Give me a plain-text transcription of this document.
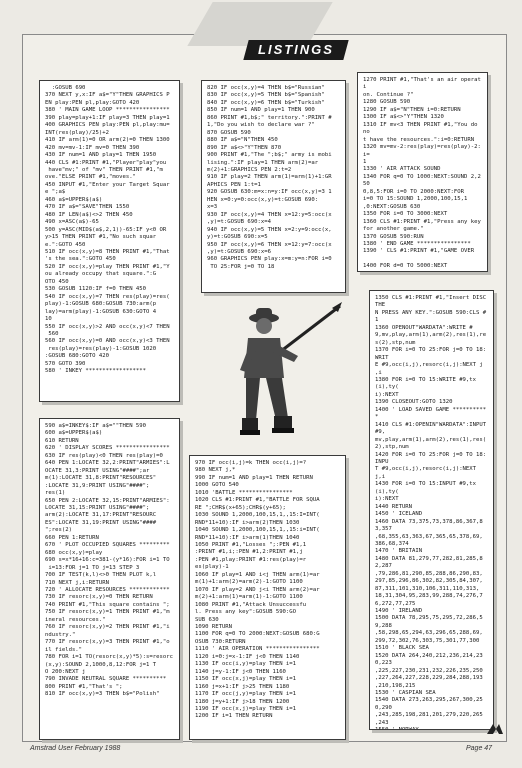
LISTINGS
:GOSUB 690
370 NEXT y,x:IF a$="Y"THEN GRAPHICS P
EN play:PEN pl,play:GOTO 420
380 ' MAIN GAME LOOP ****************
390 play=play+1:IF play=3 THEN play=1
400 GRAPHICS PEN play:PEN pl,play:mu=
INT(res(play)/25)+2
410 IF arm(1)=0 OR arm(2)=0 THEN 1300
420 mv=mv-1:IF mv=0 THEN 390
430 IF num=1 AND play=1 THEN 1950
440 CLS #1:PRINT #1,"Player"play"you
have"mv;" of "mv" THEN PRINT #1,"m
ove."ELSE PRINT #1,"moves."
450 INPUT #1,"Enter your Target Squar
e ";a$
460 a$=UPPER$(a$)
470 IF a$="SAVE"THEN 1550
480 IF LEN(a$)<>2 THEN 450
490 x=ASC(a$)-65
500 y=ASC(MID$(a$,2,1))-65:IF y<0 OR
y>15 THEN PRINT #1,"No such squar
e.":GOTO 450
510 IF occ(x,y)=8 THEN PRINT #1,"That
's the sea.":GOTO 450
520 IF occ(x,y)=play THEN PRINT #1,"Y
ou already occupy that square.":G
OTO 450
530 GOSUB 1120:IF f=0 THEN 450
540 IF occ(x,y)=7 THEN res(play)=res(
play)-1:GOSUB 680:GOSUB 730:arm(p
lay)=arm(play)-1:GOSUB 630:GOTO 4
10
550 IF occ(x,y)>2 AND occ(x,y)<7 THEN
560
560 IF occ(x,y)=0 AND occ(x,y)<3 THEN
res(play)=res(play)-1:GOSUB 1020
:GOSUB 680:GOTO 420
570 GOTO 390
580 ' INKEY ******************
820 IF occ(x,y)=4 THEN b$="Russian"
830 IF occ(x,y)=5 THEN b$="Spanish"
840 IF occ(x,y)=6 THEN b$="Turkish"
850 IF num=1 AND play=1 THEN 900
860 PRINT #1,b$;" territory.":PRINT #
1,"Do you wish to declare war ?"
870 GOSUB 590
880 IF a$="N"THEN 450
890 IF a$<>"Y"THEN 870
900 PRINT #1,"The ";b$;" army is mobi
lising.":IF play=1 THEN arm(2)=ar
m(2)+1:GRAPHICS PEN 2:t=2
910 IF play=2 THEN arm(1)=arm(1)+1:GR
APHICS PEN 1:t=1
920 GOSUB 630:m=x:n=y:IF occ(x,y)=3 1
HEN x=0:y=0:occ(x,y)=t:GOSUB 690:
x=3
930 IF occ(x,y)=4 THEN x=12:y=5:occ(x
,y)=t:GOSUB 690:x=4
940 IF occ(x,y)=5 THEN x=2:y=9:occ(x,
y)=t:GOSUB 690:x=5
950 IF occ(x,y)=6 THEN x=12:y=7:occ(x
,y)=t:GOSUB 690:x=6
960 GRAPHICS PEN play:x=m:y=n:FOR i=0
TO 25:FOR j=0 TO 18
1270 PRINT #1,"That's an air operati
on. Continue ?"
1280 GOSUB 590
1290 IF a$="N"THEN i=0:RETURN
1300 IF a$<>"Y"THEN 1320
1310 IF mv<3 THEN PRINT #1,"You do no
t have the resources.":i=0:RETURN
1320 mv=mv-2:res(play)=res(play)-2:i=
1
1330 ' AIR ATTACK SOUND
1340 FOR q=0 TO 1000:NEXT:SOUND 2,250
0,8,5:FOR i=0 TO 2000:NEXT:FOR
i=0 TO 15:SOUND 1,2000,100,15,1
,0:NEXT:GOSUB 630
1350 FOR i=0 TO 3000:NEXT
1360 CLS #1:PRINT #1,"Press any key
for another game."
1370 GOSUB 590:RUN
1380 ' END GAME ****************
1390 ' CLS #1:PRINT #1,"GAME OVER

1400 FOR d=0 TO 5000:NEXT

1350 CLS #1:PRINT #1,"Insert DISC THE
N PRESS ANY KEY.":GOSUB 590:CLS #
1
1360 OPENOUT"WARDATA":WRITE #
9,mv,play,arm(1),arm(2),res(1),re
s(2),stp,num
1370 FOR i=0 TO 25:FOR j=0 TO 18:WRIT
E #9,occ(i,j),resorc(i,j):NEXT j
,i
1380 FOR i=0 TO 15:WRITE #9,tx(i),ty(
i):NEXT
1390 CLOSEOUT:GOTO 1320
1400 ' LOAD SAVED GAME ***********
1410 CLS #1:OPENIN"WARDATA":INPUT #9,
mv,play,arm(1),arm(2),res(1),res(
2),stp,num
1420 FOR i=0 TO 25:FOR j=0 TO 18:INPU
T #9,occ(i,j),resorc(i,j):NEXT
j,i
1430 FOR i=0 TO 15:INPUT #9,tx(i),ty(
i):NEXT
1440 RETURN
1450 ' ICELAND
1460 DATA 73,375,73,378,86,367,83,357
,68,355,63,363,67,365,65,378,69,
386,68,374
1470 ' BRITAIN
1480 DATA 81,279,77,282,81,285,82,287
,79,286,81,290,85,288,86,290,83,
297,85,296,86,302,82,305,84,307,
87,311,101,310,106,311,110,313,
18,31,304,95,283,99,288,74,276,7
6,272,77,275
1490 ' IRELAND
1500 DATA 78,295,75,295,72,286,59,288
,58,298,65,294,63,296,65,288,69,
299,72,302,76,303,75,301,77,300
1510 ' BLACK SEA
1520 DATA 264,240,212,236,214,230,223
,225,227,230,231,232,226,235,250
,227,264,227,228,229,284,288,193
,210,198,215
1530 ' CASPIAN SEA
1540 DATA 273,263,295,267,300,250,290
,243,285,198,281,201,279,220,265
,243

590 a$=INKEY$:IF a$=""THEN 590
600 a$=UPPER$(a$)
610 RETURN
620 ' DISPLAY SCORES ****************
630 IF res(play)<0 THEN res(play)=0
640 PEN 1:LOCATE 32,2:PRINT"ARMIES":L
OCATE 31,3:PRINT USING"####";ar
m(1):LOCATE 31,8:PRINT"RESOURCES"
:LOCATE 31,9:PRINT USING"####";
res(1)
650 PEN 2:LOCATE 32,15:PRINT"ARMIES":
LOCATE 31,15:PRINT USING"####";
arm(2):LOCATE 31,17:PRINT"RESOURC
ES":LOCATE 31,19:PRINT USING"####
";res(2)
660 PEN 1:RETURN
670 ' PLOT OCCUPIED SQUARES *********
680 occ(x,y)=play
690 s=x*16+16:c=381-(y*16):FOR i=1 TO
i=13:FOR j=1 TO j=13 STEP 3
700 IF TEST(k,l)<>0 THEN PLOT k,l
710 NEXT j,i:RETURN
720 ' ALLOCATE RESOURCES ************
730 IF resorc(x,y)=0 THEN RETURN
740 PRINT #1,"This square contains ";
750 IF resorc(x,y)=1 THEN PRINT #1,"m
ineral resources."
760 IF resorc(x,y)=2 THEN PRINT #1,"i
ndustry."
770 IF resorc(x,y)=3 THEN PRINT #1,"o
il fields."
780 FOR i=1 TO(resorc(x,y)*5):s=resorc
(x,y):SOUND 2,1000,8,12:FOR j=1 T
O 200:NEXT j
790 INVADE NEUTRAL SQUARE **********
800 PRINT #1,"That's ";
810 IF occ(x,y)=3 THEN b$="Polish"
970 IF occ(i,j)=k THEN occ(i,j)=?
980 NEXT j,*
990 IF num=1 AND play=1 THEN RETURN
1000 GOTO 540
1010 'BATTLE ****************
1020 CLS #1:PRINT #1,"BATTLE FOR SQUA
RE ";CHR$(x+65);CHR$(y+65);
1030 SOUND 1,2000,100,15,1,,15:I=INT(
RND*11+10):IF i>arm(2)THEN 1030
1040 SOUND 1,2000,100,15,1,,15:i=INT(
RND*11+10):IF i>arm(1)THEN 1040
1050 PRINT #1,"Losses ";:PEN #1,1
:PRINT #1,i;:PEN #1,2:PRINT #1,j
:PEN #1,play:PRINT #1:res(play)=r
es(play)-1
1060 IF play=1 AND i<j THEN arm(1)=ar
m(1)+1:arm(2)=arm(2)-1:GOTO 1100
1070 IF play=2 AND j<i THEN arm(2)=ar
m(2)+1:arm(1)=arm(1)-1:GOTO 1100
1080 PRINT #1,"Attack Unsuccessfu
l. Press any key":GOSUB 590:GO
SUB 630
1090 RETURN
1100 FOR q=0 TO 2000:NEXT:GOSUB 680:G
OSUB 730:RETURN
1110 ' AIR OPERATION ****************
1120 i=0:j=x-1:IF j<0 THEN 1140
1130 IF occ(i,y)=play THEN i=1
1140 j=y-1:IF j<0 THEN 1160
1150 IF occ(x,j)=play THEN i=1
1160 j=x+1:IF j>25 THEN 1180
1170 IF occ(j,y)=play THEN i=1
1180 j=y+1:IF j>18 THEN 1200
1190 IF occ(x,j)=play THEN i=1
1200 IF i=1 THEN RETURN
Amstrad User February 1988	Page 47
